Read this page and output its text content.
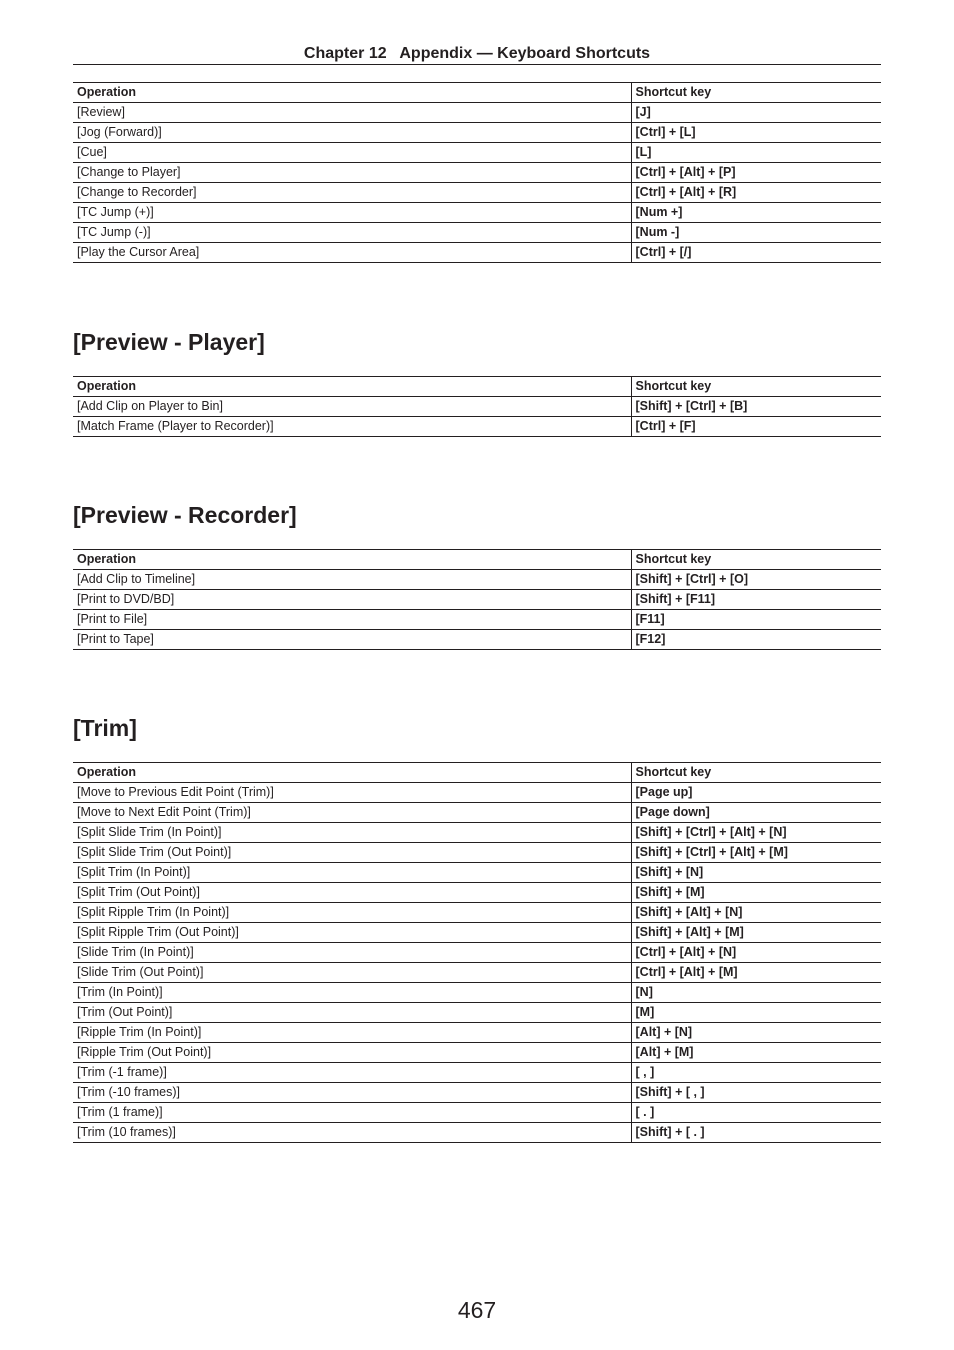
Chapter 12 Appendix — Keyboard Shortcuts
Operation	Shortcut key
[Review]	[J]
[Jog (Forward)]	[Ctrl] + [L]
[Cue]	[L]
[Change to Player]	[Ctrl] + [Alt] + [P]
[Change to Recorder]	[Ctrl] + [Alt] + [R]
[TC Jump (+)]	[Num +]
[TC Jump (-)]	[Num -]
[Play the Cursor Area]	[Ctrl] + [/]
[Preview - Player]
Operation	Shortcut key
[Add Clip on Player to Bin]	[Shift] + [Ctrl] + [B]
[Match Frame (Player to Recorder)]	[Ctrl] + [F]
[Preview - Recorder]
Operation	Shortcut key
[Add Clip to Timeline]	[Shift] + [Ctrl] + [O]
[Print to DVD/BD]	[Shift] + [F11]
[Print to File]	[F11]
[Print to Tape]	[F12]
[Trim]
Operation	Shortcut key
[Move to Previous Edit Point (Trim)]	[Page up]
[Move to Next Edit Point (Trim)]	[Page down]
[Split Slide Trim (In Point)]	[Shift] + [Ctrl] + [Alt] + [N]
[Split Slide Trim (Out Point)]	[Shift] + [Ctrl] + [Alt] + [M]
[Split Trim (In Point)]	[Shift] + [N]
[Split Trim (Out Point)]	[Shift] + [M]
[Split Ripple Trim (In Point)]	[Shift] + [Alt] + [N]
[Split Ripple Trim (Out Point)]	[Shift] + [Alt] + [M]
[Slide Trim (In Point)]	[Ctrl] + [Alt] + [N]
[Slide Trim (Out Point)]	[Ctrl] + [Alt] + [M]
[Trim (In Point)]	[N]
[Trim (Out Point)]	[M]
[Ripple Trim (In Point)]	[Alt] + [N]
[Ripple Trim (Out Point)]	[Alt] + [M]
[Trim (-1 frame)]	[ , ]
[Trim (-10 frames)]	[Shift] + [ , ]
[Trim (1 frame)]	[ . ]
[Trim (10 frames)]	[Shift] + [ . ]
467
